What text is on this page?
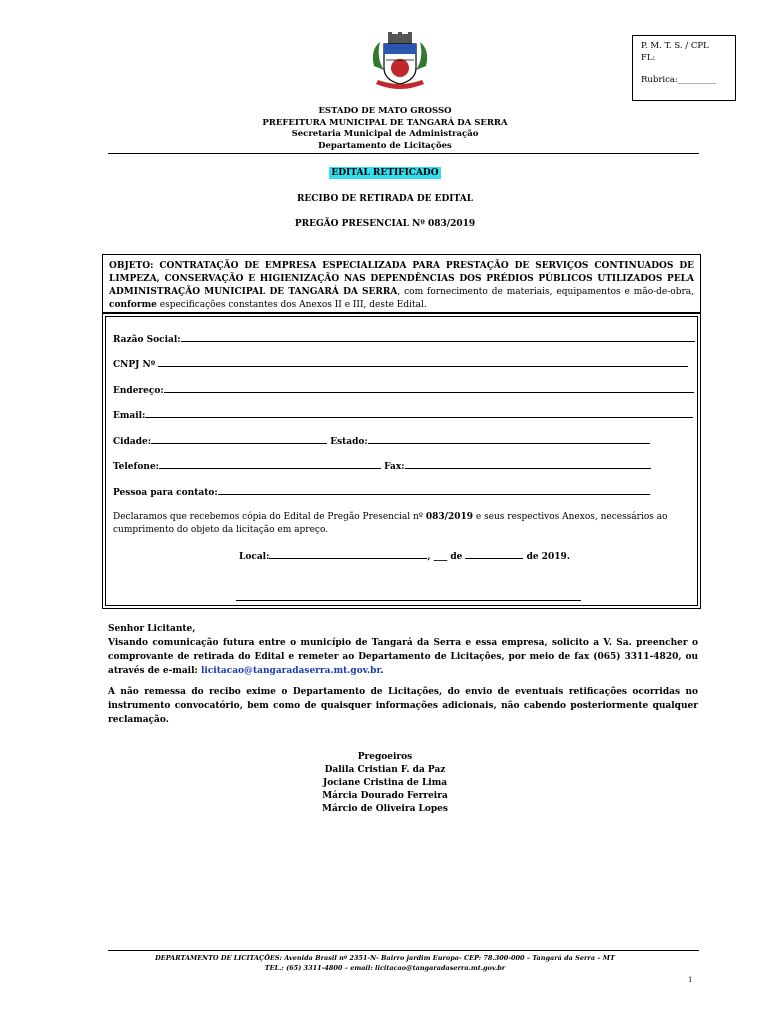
P. M. T. S. / CPL
FL:
Rubrica:_________
ESTADO DE MATO GROSSO
PREFEITURA MUNICIPAL DE TANGARÁ DA SERRA
Secretaria Municipal de Administração
Departamento de Licitações
EDITAL RETIFICADO
RECIBO DE RETIRADA DE EDITAL
PREGÃO PRESENCIAL Nº 083/2019
OBJETO: CONTRATAÇÃO DE EMPRESA ESPECIALIZADA PARA PRESTAÇÃO DE SERVIÇOS CONTINUADOS DE LIMPEZA, CONSERVAÇÃO E HIGIENIZAÇÃO NAS DEPENDÊNCIAS DOS PRÉDIOS PÚBLICOS UTILIZADOS PELA ADMINISTRAÇÃO MUNICIPAL DE TANGARÁ DA SERRA, com fornecimento de materiais, equipamentos e mão-de-obra, conforme especificações constantes dos Anexos II e III, deste Edital.
Razão Social:
CNPJ Nº
Endereço:
Email:
Cidade:	Estado:
Telefone:	Fax:
Pessoa para contato:
Declaramos que recebemos cópia do Edital de Pregão Presencial nº 083/2019 e seus respectivos Anexos, necessários ao cumprimento do objeto da licitação em apreço.
Local:	, ___ de	de 2019.
Senhor Licitante,
Visando comunicação futura entre o município de Tangará da Serra e essa empresa, solicito a V. Sa. preencher o comprovante de retirada do Edital e remeter ao Departamento de Licitações, por meio de fax (065) 3311-4820, ou através de e-mail: licitacao@tangaradaserra.mt.gov.br.
A não remessa do recibo exime o Departamento de Licitações, do envio de eventuais retificações ocorridas no instrumento convocatório, bem como de quaisquer informações adicionais, não cabendo posteriormente qualquer reclamação.
Pregoeiros
Dalila Cristian F. da Paz
Jociane Cristina de Lima
Márcia Dourado Ferreira
Márcio de Oliveira Lopes
DEPARTAMENTO DE LICITAÇÕES: Avenida Brasil nº 2351-N- Bairro jardim Europa- CEP: 78.300-000 – Tangará da Serra – MT
TEL.: (65) 3311-4800 – email: licitacao@tangaradaserra.mt.gov.br
1
